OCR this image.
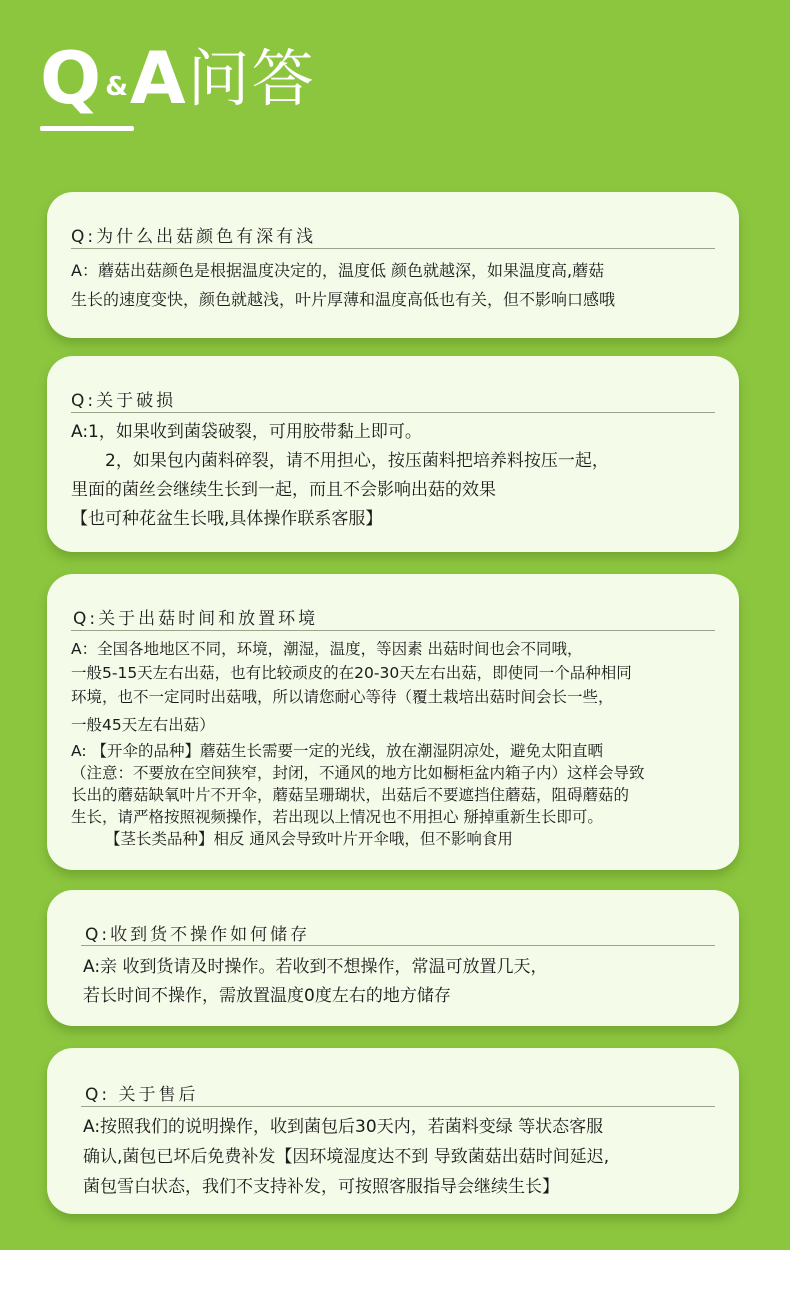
Q & A 问答
Q:为什么出菇颜色有深有浅

A：蘑菇出菇颜色是根据温度决定的，温度低 颜色就越深，如果温度高,蘑菇

生长的速度变快，颜色就越浅，叶片厚薄和温度高低也有关，但不影响口感哦

Q:关于破损

A:1，如果收到菌袋破裂，可用胶带黏上即可。

2，如果包内菌料碎裂，请不用担心，按压菌料把培养料按压一起，

里面的菌丝会继续生长到一起，而且不会影响出菇的效果

【也可种花盆生长哦,具体操作联系客服】

Q:关于出菇时间和放置环境

A：全国各地地区不同，环境，潮湿，温度，等因素 出菇时间也会不同哦，

一般5-15天左右出菇，也有比较顽皮的在20-30天左右出菇，即使同一个品种相同

环境，也不一定同时出菇哦，所以请您耐心等待（覆土栽培出菇时间会长一些，

一般45天左右出菇）

A: 【开伞的品种】蘑菇生长需要一定的光线，放在潮湿阴凉处，避免太阳直晒

（注意：不要放在空间狭窄，封闭，不通风的地方比如橱柜盆内箱子内）这样会导致

长出的蘑菇缺氧叶片不开伞，蘑菇呈珊瑚状，出菇后不要遮挡住蘑菇，阻碍蘑菇的

生长，请严格按照视频操作，若出现以上情况也不用担心 掰掉重新生长即可。

【茎长类品种】相反 通风会导致叶片开伞哦，但不影响食用

Q:收到货不操作如何储存

A:亲 收到货请及时操作。若收到不想操作，常温可放置几天，

若长时间不操作，需放置温度0度左右的地方储存

Q: 关于售后

A:按照我们的说明操作，收到菌包后30天内，若菌料变绿 等状态客服

确认,菌包已坏后免费补发【因环境湿度达不到 导致菌菇出菇时间延迟,

菌包雪白状态，我们不支持补发，可按照客服指导会继续生长】
